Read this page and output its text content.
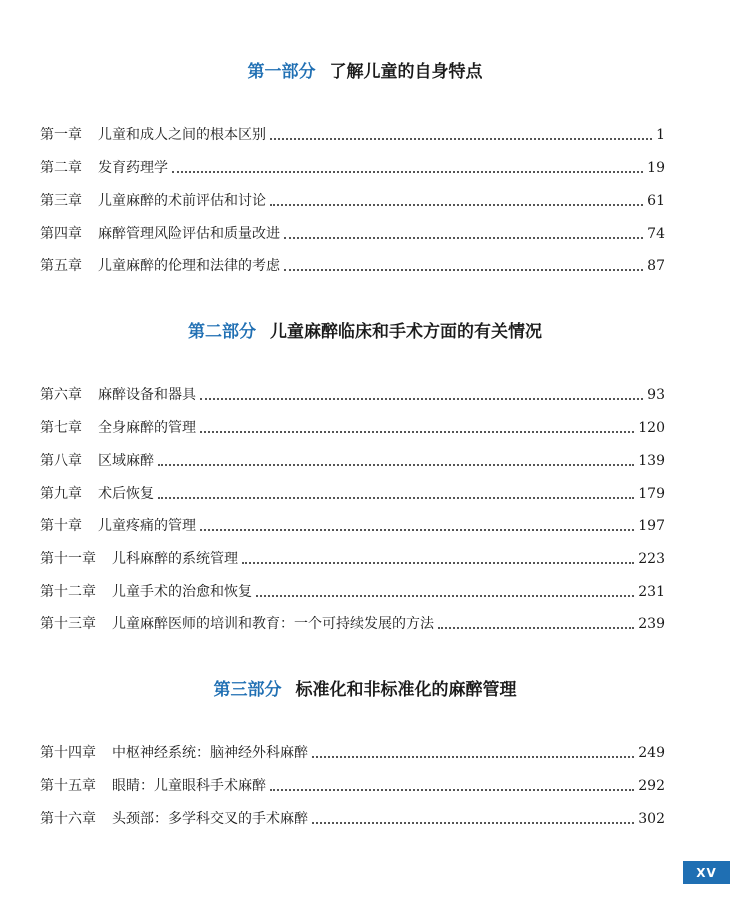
第一部分 了解儿童的自身特点
第一章 儿童和成人之间的根本区别	1
第二章 发育药理学	19
第三章 儿童麻醉的术前评估和讨论	61
第四章 麻醉管理风险评估和质量改进	74
第五章 儿童麻醉的伦理和法律的考虑	87
第二部分 儿童麻醉临床和手术方面的有关情况
第六章 麻醉设备和器具	93
第七章 全身麻醉的管理	120
第八章 区域麻醉	139
第九章 术后恢复	179
第十章 儿童疼痛的管理	197
第十一章 儿科麻醉的系统管理	223
第十二章 儿童手术的治愈和恢复	231
第十三章 儿童麻醉医师的培训和教育：一个可持续发展的方法	239
第三部分 标准化和非标准化的麻醉管理
第十四章 中枢神经系统：脑神经外科麻醉	249
第十五章 眼睛：儿童眼科手术麻醉	292
第十六章 头颈部：多学科交叉的手术麻醉	302
XV
